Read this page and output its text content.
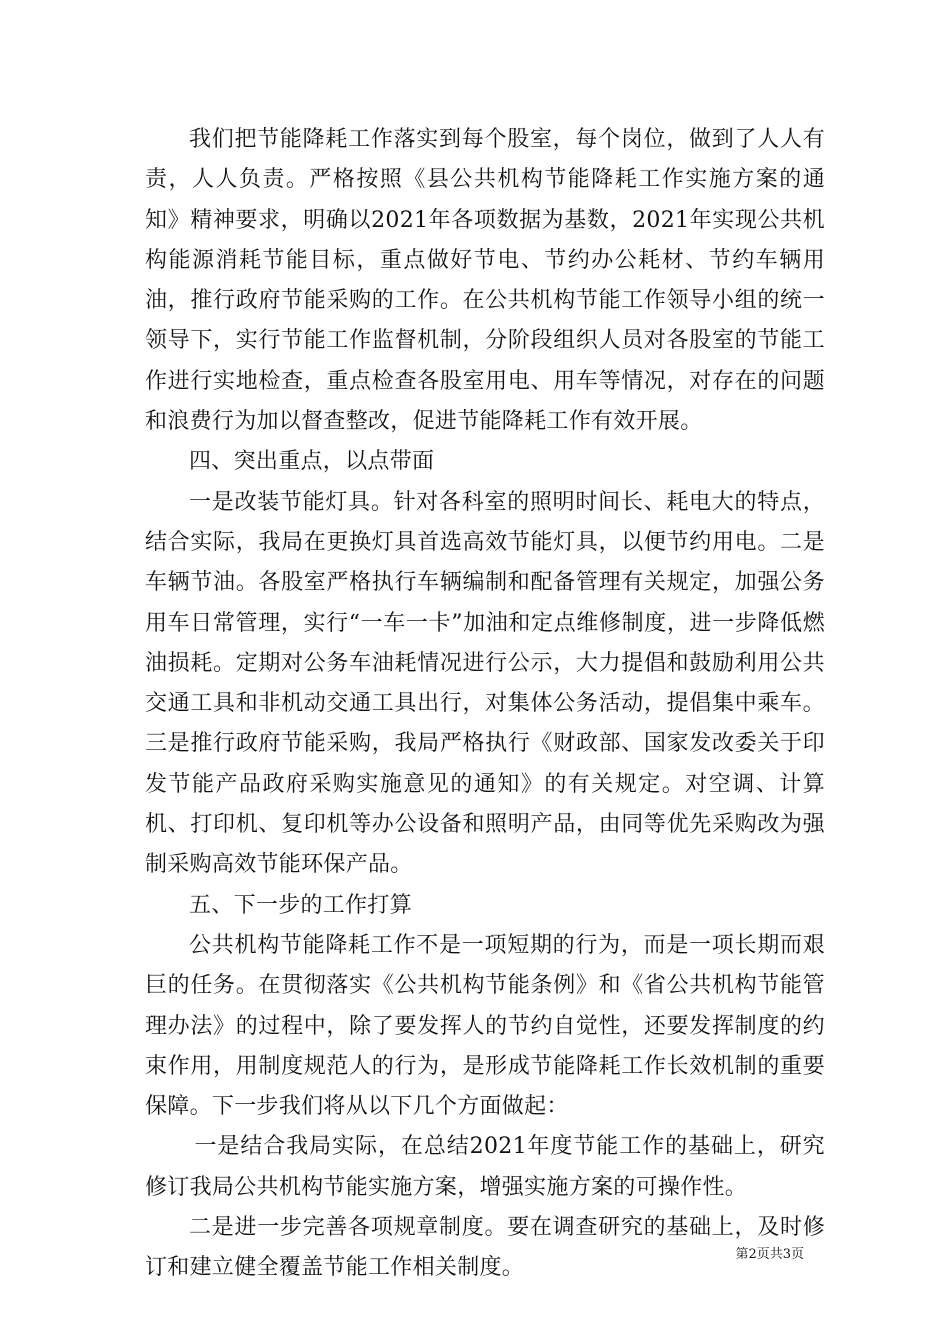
我们把节能降耗工作落实到每个股室，每个岗位，做到了人人有责，人人负责。严格按照《县公共机构节能降耗工作实施方案的通知》精神要求，明确以2021年各项数据为基数，2021年实现公共机构能源消耗节能目标，重点做好节电、节约办公耗材、节约车辆用油，推行政府节能采购的工作。在公共机构节能工作领导小组的统一领导下，实行节能工作监督机制，分阶段组织人员对各股室的节能工作进行实地检查，重点检查各股室用电、用车等情况，对存在的问题和浪费行为加以督查整改，促进节能降耗工作有效开展。

四、突出重点，以点带面

一是改装节能灯具。针对各科室的照明时间长、耗电大的特点，结合实际，我局在更换灯具首选高效节能灯具，以便节约用电。二是车辆节油。各股室严格执行车辆编制和配备管理有关规定，加强公务用车日常管理，实行“一车一卡”加油和定点维修制度，进一步降低燃油损耗。定期对公务车油耗情况进行公示，大力提倡和鼓励利用公共交通工具和非机动交通工具出行，对集体公务活动，提倡集中乘车。三是推行政府节能采购，我局严格执行《财政部、国家发改委关于印发节能产品政府采购实施意见的通知》的有关规定。对空调、计算机、打印机、复印机等办公设备和照明产品，由同等优先采购改为强制采购高效节能环保产品。

五、下一步的工作打算

公共机构节能降耗工作不是一项短期的行为，而是一项长期而艰巨的任务。在贯彻落实《公共机构节能条例》和《省公共机构节能管理办法》的过程中，除了要发挥人的节约自觉性，还要发挥制度的约束作用，用制度规范人的行为，是形成节能降耗工作长效机制的重要保障。下一步我们将从以下几个方面做起：

一是结合我局实际，在总结2021年度节能工作的基础上，研究修订我局公共机构节能实施方案，增强实施方案的可操作性。

二是进一步完善各项规章制度。要在调查研究的基础上，及时修订和建立健全覆盖节能工作相关制度。

第2页共3页
